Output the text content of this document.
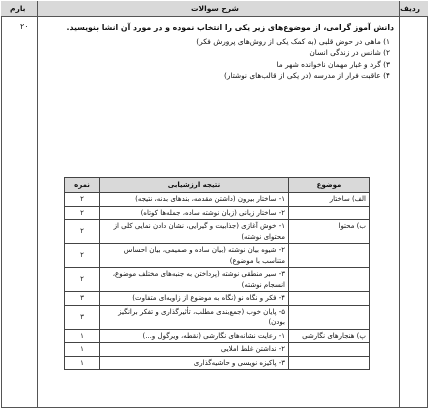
بارم	شرح سوالات	ردیف
۲۰	دانش آموز گرامی، از موضوع‌های زیر یکی را انتخاب نموده و در مورد آن انشا بنویسید.

۱) ماهی در حوض قلبی (به کمک یکی از روش‌های پرورش فکر)

۲) شانس در زندگی انسان

۳) گرد و غبار مهمان ناخوانده شهر ما

۴) عاقبت فرار از مدرسه (در یکی از قالب‌های نوشتار)

موضوع	نتیجه ارزشیابی	نمره
الف) ساختار	۱- ساختار بیرون (داشتن مقدمه، بندهای بدنه، نتیجه)	۲
	۲- ساختار زبانی (زبان نوشته ساده، جمله‌ها کوتاه)	۲
ب) محتوا	۱- خوش آغازی (جذابیت و گیرایی، نشان دادن نمایی کلی از محتوای نوشته)	۲
	۲- شیوه بیان نوشته (بیان ساده و صمیمی، بیان احساس متناسب با موضوع)	۲
	۳- سیر منطقی نوشته (پرداختن به جنبه‌های مختلف موضوع، انسجام نوشته)	۲
	۴- فکر و نگاه نو (نگاه به موضوع از زاویه‌ای متفاوت)	۳
	۵- پایان خوب (جمع‌بندی مطلب، تأثیرگذاری و تفکر برانگیز بودن)	۳
پ) هنجارهای نگارشی	۱- رعایت نشانه‌های نگارشی (نقطه، ویرگول و...)	۱
	۲- نداشتن غلط املایی	۱
	۳- پاکیزه نویسی و حاشیه‌گذاری	۱
